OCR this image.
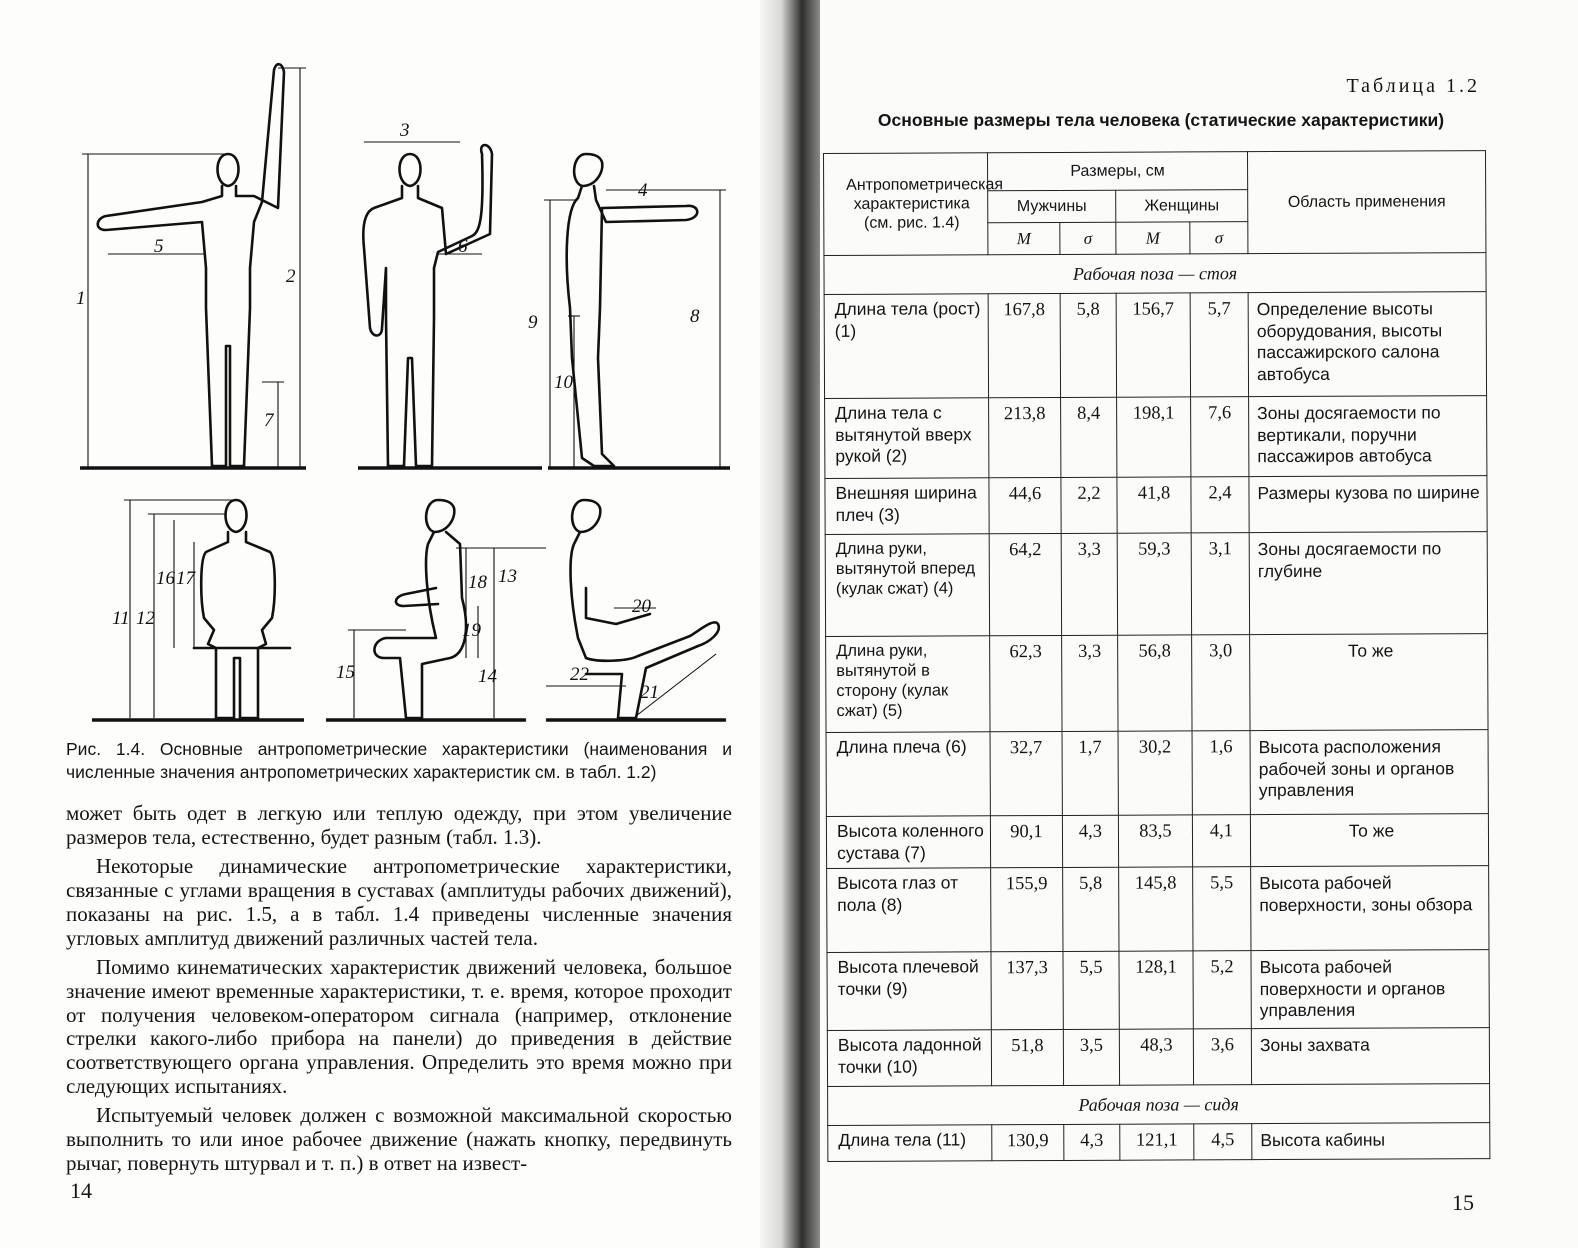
1
2
3
4
5	6
7
8
9
10
11 12
13
14
15
16 17	18
19
20
21
22
Рис. 1.4. Основные антропометрические характеристики (наименования и численные значения антропометрических характеристик см. в табл. 1.2)

может быть одет в легкую или теплую одежду, при этом увеличение размеров тела, естественно, будет разным (табл. 1.3).

Некоторые динамические антропометрические характеристики, связанные с углами вращения в суставах (амплитуды рабочих движений), показаны на рис. 1.5, а в табл. 1.4 приведены численные значения угловых амплитуд движений различных частей тела.

Помимо кинематических характеристик движений человека, большое значение имеют временные характеристики, т. е. время, которое проходит от получения человеком-оператором сигнала (например, отклонение стрелки какого-либо прибора на панели) до приведения в действие соответствующего органа управления. Определить это время можно при следующих испытаниях.

Испытуемый человек должен с возможной максимальной скоростью выполнить то или иное рабочее движение (нажать кнопку, передвинуть рычаг, повернуть штурвал и т. п.) в ответ на извест-

14
Таблица 1.2
Основные размеры тела человека (статические характеристики)
Антропометрическая характеристика (см. рис. 1.4)	Размеры, см				Область применения
	Мужчины		Женщины		
	М	σ	М	σ	
Рабочая поза — стоя					
Длина тела (рост) (1)	167,8	5,8	156,7	5,7	Определение высоты оборудования, высоты пассажирского салона автобуса
Длина тела с вытянутой вверх рукой (2)	213,8	8,4	198,1	7,6	Зоны досягаемости по вертикали, поручни пассажиров автобуса
Внешняя ширина плеч (3)	44,6	2,2	41,8	2,4	Размеры кузова по ширине
Длина руки, вытянутой вперед (кулак сжат) (4)	64,2	3,3	59,3	3,1	Зоны досягаемости по глубине
Длина руки, вытянутой в сторону (кулак сжат) (5)	62,3	3,3	56,8	3,0	То же
Длина плеча (6)	32,7	1,7	30,2	1,6	Высота расположения рабочей зоны и органов управления
Высота коленного сустава (7)	90,1	4,3	83,5	4,1	То же
Высота глаз от пола (8)	155,9	5,8	145,8	5,5	Высота рабочей поверхности, зоны обзора
Высота плечевой точки (9)	137,3	5,5	128,1	5,2	Высота рабочей поверхности и органов управления
Высота ладонной точки (10)	51,8	3,5	48,3	3,6	Зоны захвата
Рабочая поза — сидя					
Длина тела (11)	130,9	4,3	121,1	4,5	Высота кабины
15
